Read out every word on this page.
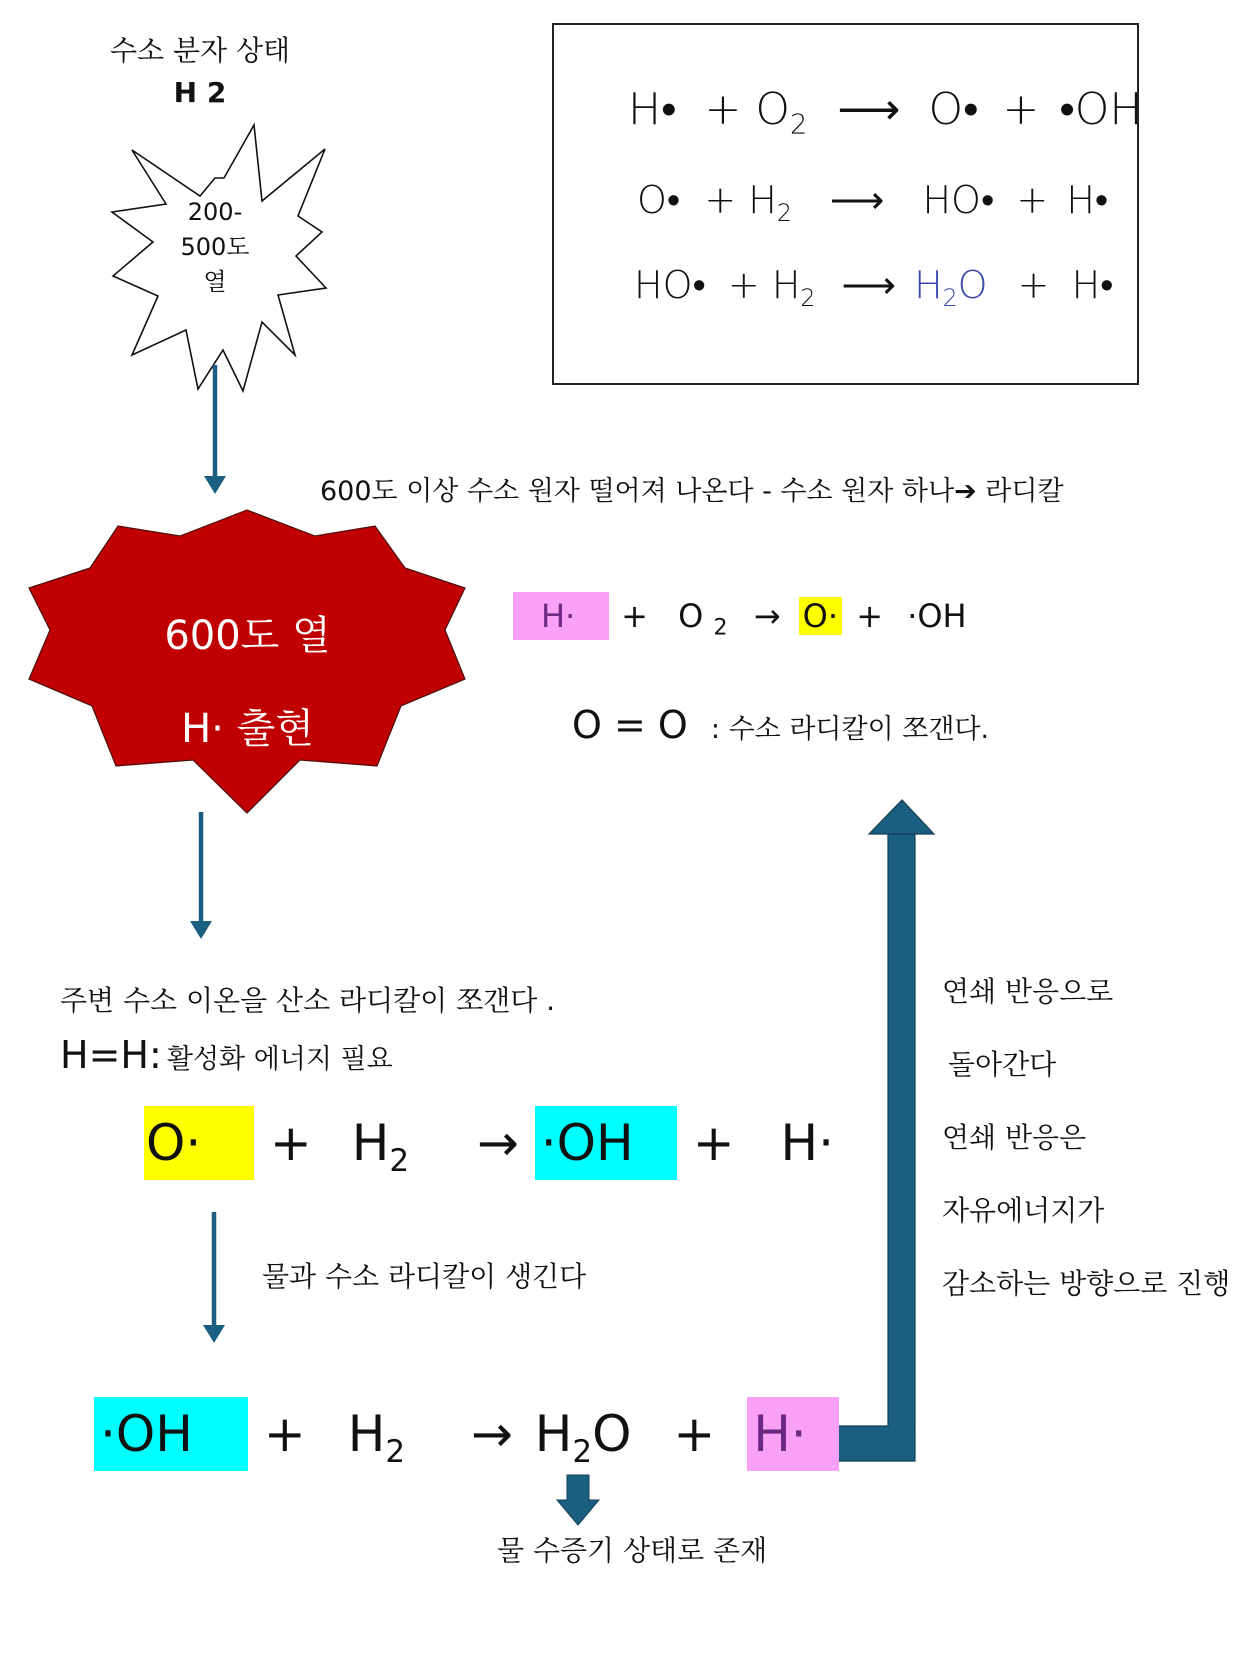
수소 분자 상태
H 2
200-
500도
열
600도 열
H· 출현
H• + $O_2$ ⟶ O• + •OH
O• + $H_2$ ⟶ HO• + H•
HO• + $H_2$ ⟶ $H_2O$ + H•
600도 이상 수소 원자 떨어져 나온다 - 수소 원자 하나➔ 라디칼
H· + O $_2$ → O· + ·OH
O = O : 수소 라디칼이 쪼갠다.
주변 수소 이온을 산소 라디칼이 쪼갠다 .
H=H: 활성화 에너지 필요
$O\cdot + H_2 \to \cdot OH + H\cdot$
물과 수소 라디칼이 생긴다
$\cdot OH + H_2 \to H_2O + H\cdot$
물 수증기 상태로 존재
연쇄 반응으로
돌아간다
연쇄 반응은
자유에너지가
감소하는 방향으로 진행
